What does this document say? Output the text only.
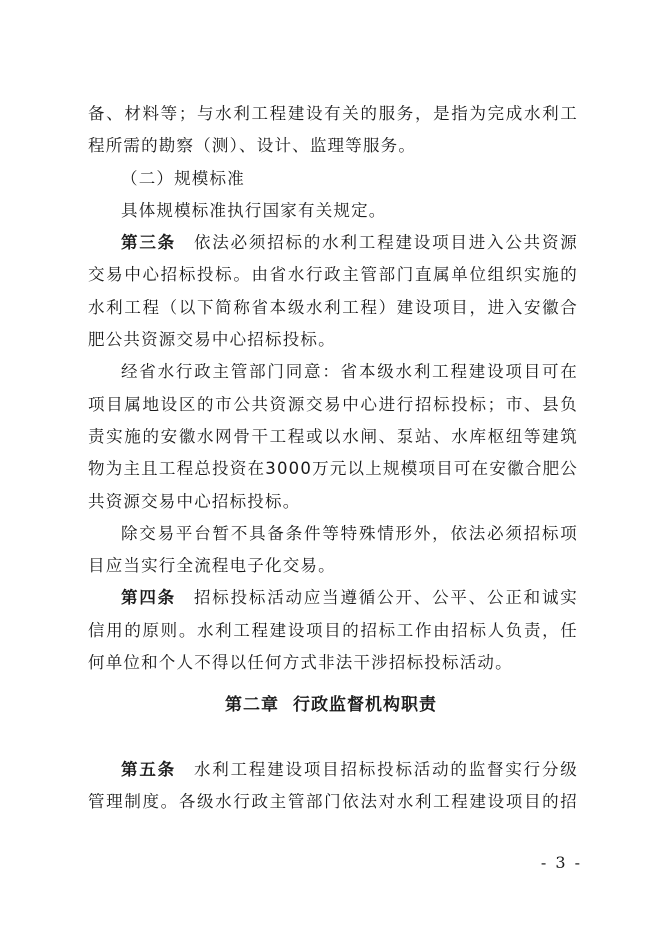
备、材料等；与水利工程建设有关的服务，是指为完成水利工
程所需的勘察（测）、设计、监理等服务。
（二）规模标准
具体规模标准执行国家有关规定。
第三条 依法必须招标的水利工程建设项目进入公共资源
交易中心招标投标。由省水行政主管部门直属单位组织实施的
水利工程（以下简称省本级水利工程）建设项目，进入安徽合
肥公共资源交易中心招标投标。
经省水行政主管部门同意：省本级水利工程建设项目可在
项目属地设区的市公共资源交易中心进行招标投标；市、县负
责实施的安徽水网骨干工程或以水闸、泵站、水库枢纽等建筑
物为主且工程总投资在3000万元以上规模项目可在安徽合肥公
共资源交易中心招标投标。
除交易平台暂不具备条件等特殊情形外，依法必须招标项
目应当实行全流程电子化交易。
第四条 招标投标活动应当遵循公开、公平、公正和诚实
信用的原则。水利工程建设项目的招标工作由招标人负责，任
何单位和个人不得以任何方式非法干涉招标投标活动。
第二章 行政监督机构职责
第五条 水利工程建设项目招标投标活动的监督实行分级
管理制度。各级水行政主管部门依法对水利工程建设项目的招
- 3 -
